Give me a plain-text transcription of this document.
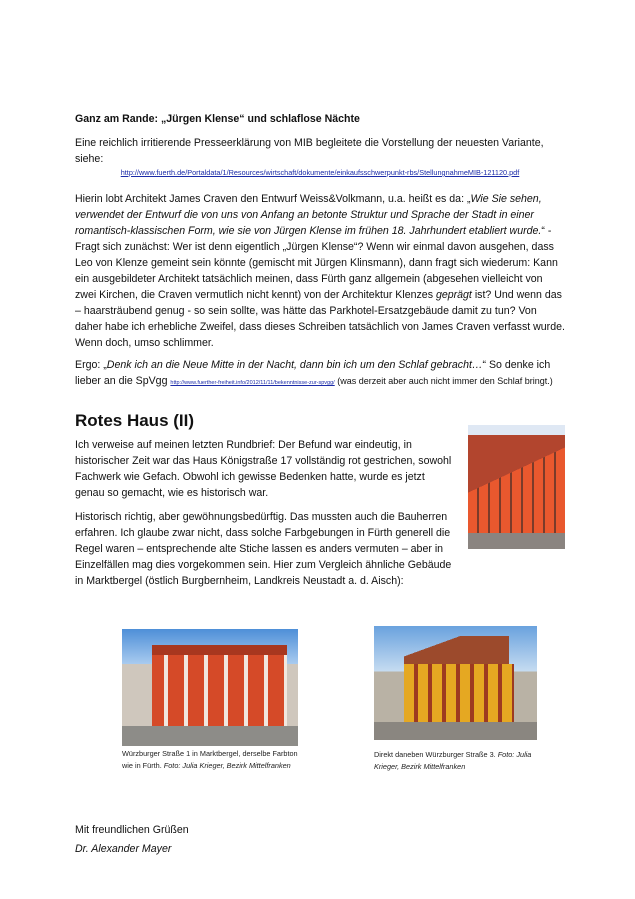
Ganz am Rande: „Jürgen Klense“ und schlaflose Nächte
Eine reichlich irritierende Presseerklärung von MIB begleitete die Vorstellung der neuesten Variante, siehe:
http://www.fuerth.de/Portaldata/1/Resources/wirtschaft/dokumente/einkaufsschwerpunkt-rbs/StellungnahmeMIB-121120.pdf
Hierin lobt Architekt James Craven den Entwurf Weiss&Volkmann, u.a. heißt es da: „Wie Sie sehen, verwendet der Entwurf die von uns von Anfang an betonte Struktur und Sprache der Stadt in einer romantisch-klassischen Form, wie sie von Jürgen Klense im frühen 18. Jahrhundert etabliert wurde.“ - Fragt sich zunächst: Wer ist denn eigentlich „Jürgen Klense“? Wenn wir einmal davon ausgehen, dass Leo von Klenze gemeint sein könnte (gemischt mit Jürgen Klinsmann), dann fragt sich wiederum: Kann ein ausgebildeter Architekt tatsächlich meinen, dass Fürth ganz allgemein (abgesehen vielleicht von zwei Kirchen, die Craven vermutlich nicht kennt) von der Architektur Klenzes geprägt ist? Und wenn das – haarsträubend genug - so sein sollte, was hätte das Parkhotel-Ersatzgebäude damit zu tun? Von daher habe ich erhebliche Zweifel, dass dieses Schreiben tatsächlich von James Craven verfasst wurde. Wenn doch, umso schlimmer.
Ergo: „Denk ich an die Neue Mitte in der Nacht, dann bin ich um den Schlaf gebracht…“ So denke ich lieber an die SpVgg http://www.fuerther-freiheit.info/2012/11/11/bekenntnisse-zur-spvgg/ (was derzeit aber auch nicht immer den Schlaf bringt.)
Rotes Haus (II)

Ich verweise auf meinen letzten Rundbrief: Der Befund war eindeutig, in historischer Zeit war das Haus Königstraße 17 vollständig rot gestrichen, sowohl Fachwerk wie Gefach. Obwohl ich gewisse Bedenken hatte, wurde es jetzt genau so gemacht, wie es historisch war.

Historisch richtig, aber gewöhnungsbedürftig. Das mussten auch die Bauherren erfahren. Ich glaube zwar nicht, dass solche Farbgebungen in Fürth generell die Regel waren – entsprechende alte Stiche lassen es anders vermuten – aber in Einzelfällen mag dies vorgekommen sein. Hier zum Vergleich ähnliche Gebäude in Marktbergel (östlich Burgbernheim, Landkreis Neustadt a. d. Aisch):

Würzburger Straße 1 in Marktbergel, derselbe Farbton wie in Fürth. Foto: Julia Krieger, Bezirk Mittelfranken
Direkt daneben Würzburger Straße 3. Foto: Julia Krieger, Bezirk Mittelfranken
Mit freundlichen Grüßen
Dr. Alexander Mayer
